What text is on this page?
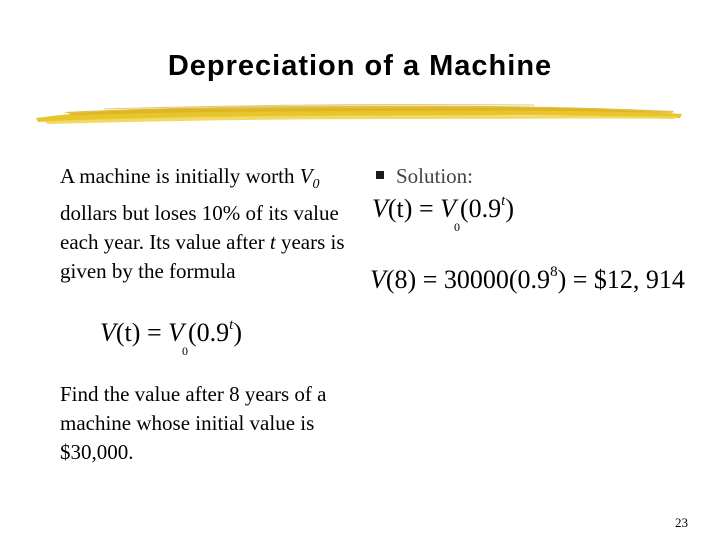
Depreciation of a Machine
A machine is initially worth $V_0$ dollars but loses 10% of its value each year. Its value after t years is given by the formula
$V(t) = V_0(0.9^t)$
Find the value after 8 years of a machine whose initial value is $30,000.
Solution:
$V(t) = V_0(0.9^t)$
$V(8) = 30000(0.9^8)$ = $12, 914
23
